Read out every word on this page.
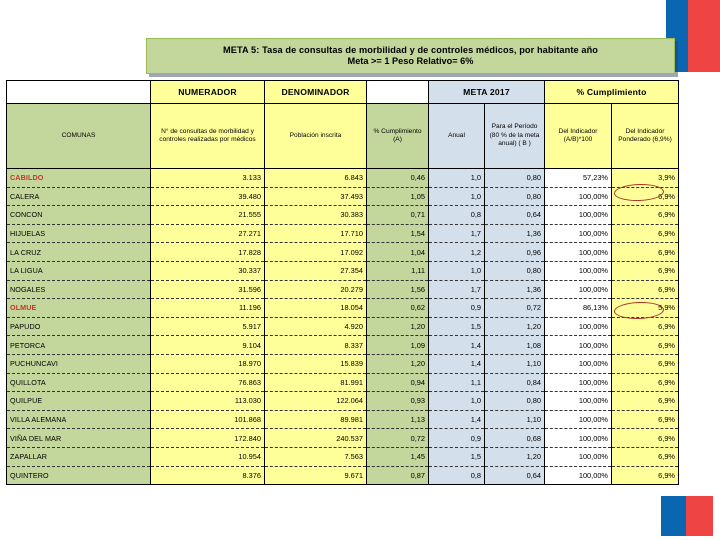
META 5: Tasa de consultas de morbilidad y de controles médicos, por habitante año
Meta >= 1 Peso Relativo= 6%
	NUMERADOR	DENOMINADOR		META 2017		% Cumplimiento	
COMUNAS	N° de consultas de morbilidad y controles realizadas por médicos	Población inscrita	% Cumplimiento (A)	Anual	Para el Período (80 % de la meta anual) ( B )	Del Indicador (A/B)*100	Del Indicador Ponderado (6,9%)
CABILDO	3.133	6.843	0,46	1,0	0,80	57,23%	3,9%
CALERA	39.480	37.493	1,05	1,0	0,80	100,00%	6,9%
CONCON	21.555	30.383	0,71	0,8	0,64	100,00%	6,9%
HIJUELAS	27.271	17.710	1,54	1,7	1,36	100,00%	6,9%
LA CRUZ	17.828	17.092	1,04	1,2	0,96	100,00%	6,9%
LA LIGUA	30.337	27.354	1,11	1,0	0,80	100,00%	6,9%
NOGALES	31.596	20.279	1,56	1,7	1,36	100,00%	6,9%
OLMUE	11.196	18.054	0,62	0,9	0,72	86,13%	5,9%
PAPUDO	5.917	4.920	1,20	1,5	1,20	100,00%	6,9%
PETORCA	9.104	8.337	1,09	1,4	1,08	100,00%	6,9%
PUCHUNCAVI	18.970	15.839	1,20	1,4	1,10	100,00%	6,9%
QUILLOTA	76.863	81.991	0,94	1,1	0,84	100,00%	6,9%
QUILPUE	113.030	122.064	0,93	1,0	0,80	100,00%	6,9%
VILLA ALEMANA	101.868	89.981	1,13	1,4	1,10	100,00%	6,9%
VIÑA DEL MAR	172.840	240.537	0,72	0,9	0,68	100,00%	6,9%
ZAPALLAR	10.954	7.563	1,45	1,5	1,20	100,00%	6,9%
QUINTERO	8.376	9.671	0,87	0,8	0,64	100,00%	6,9%
